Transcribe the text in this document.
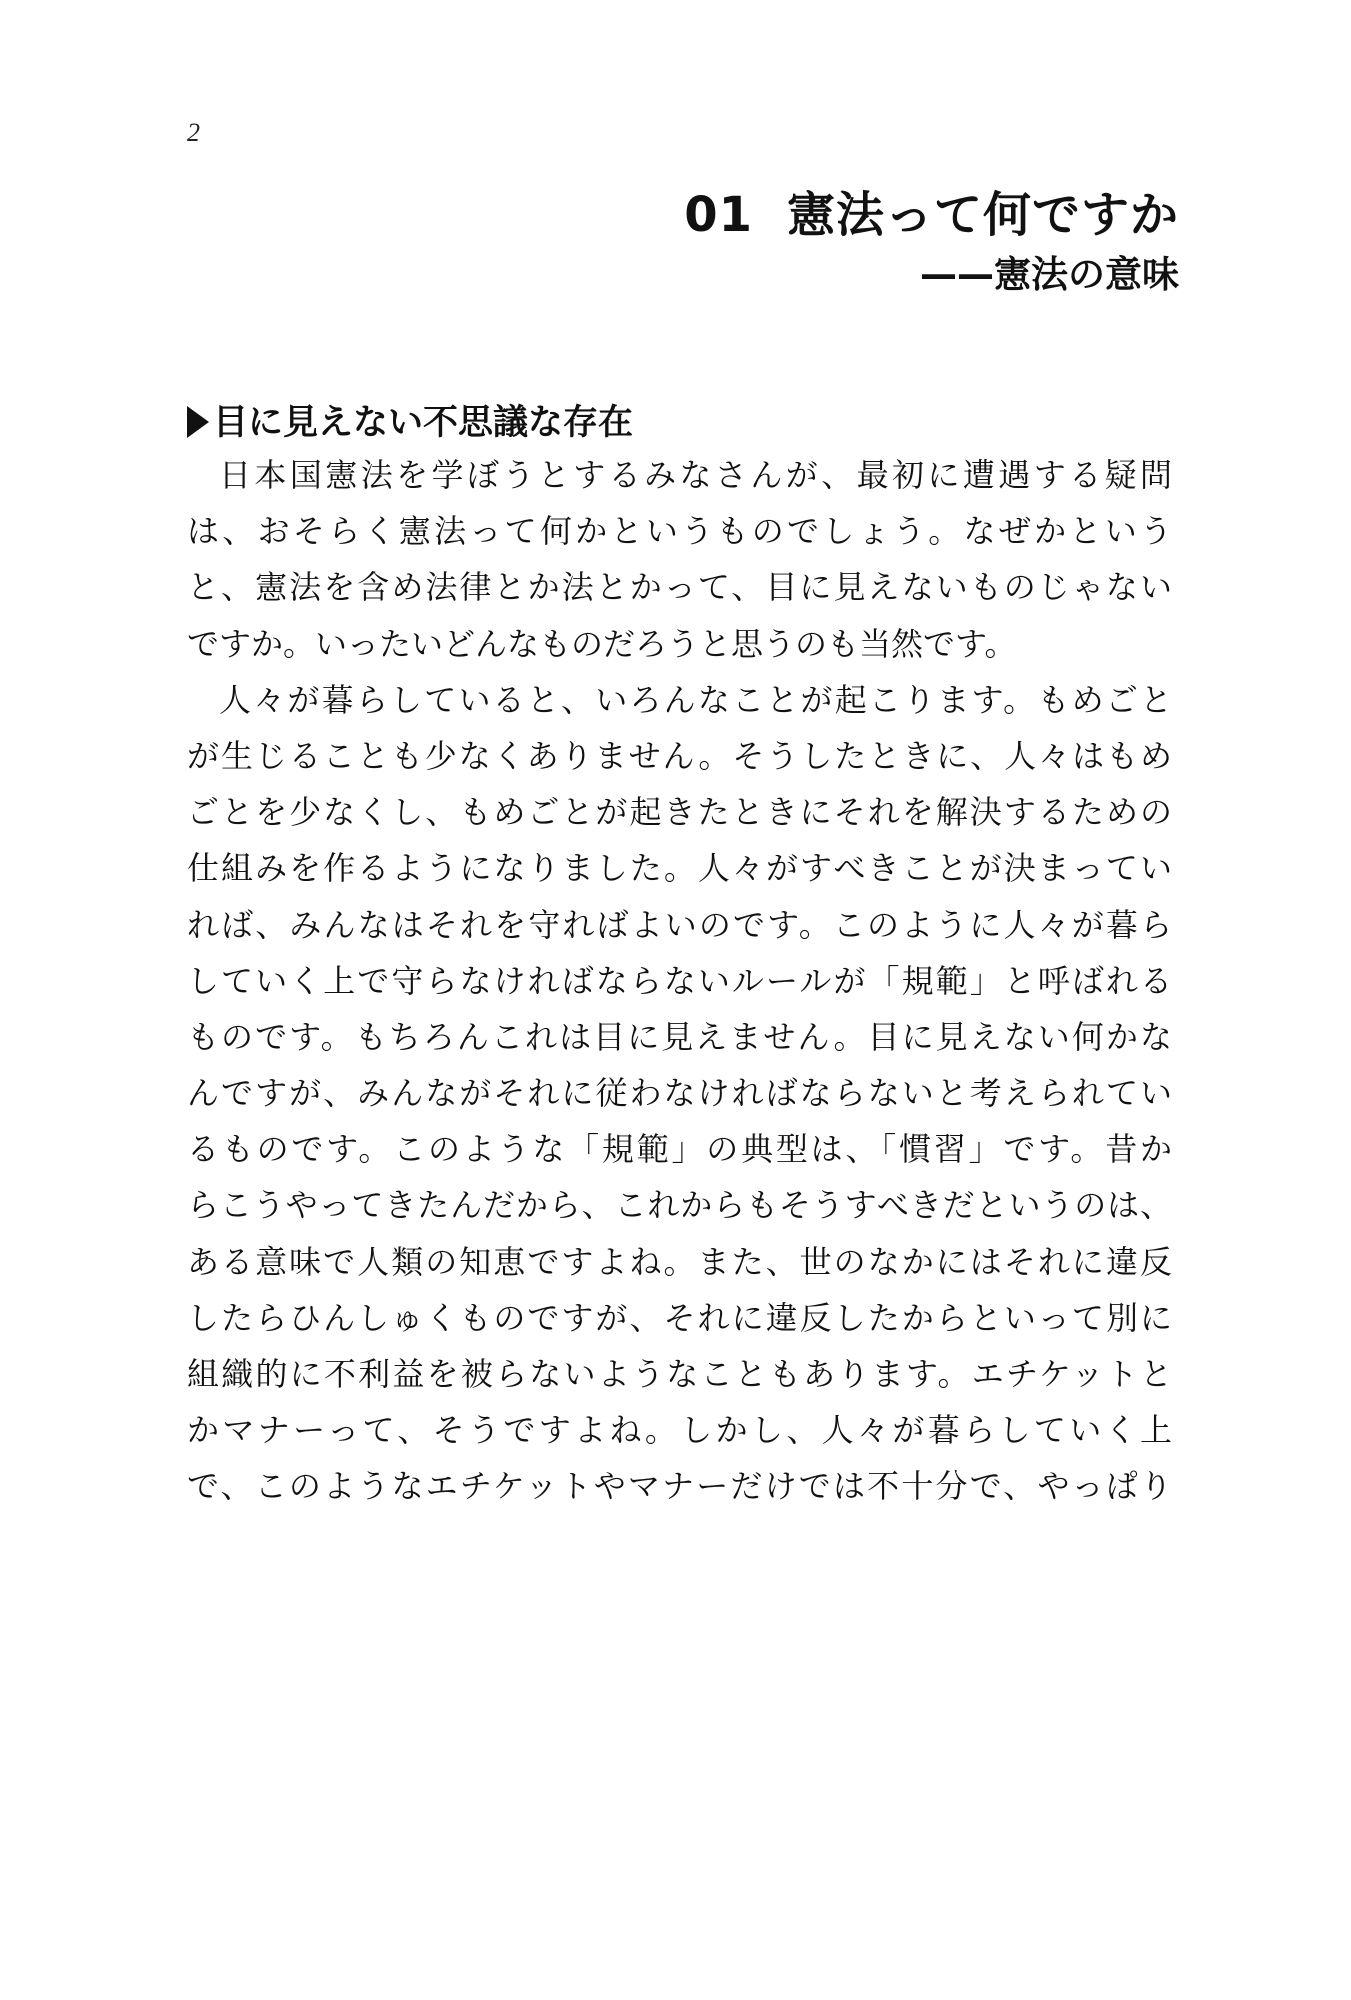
2
01 憲法って何ですか
——憲法の意味
目に見えない不思議な存在
日本国憲法を学ぼうとするみなさんが、最初に遭遇する疑問
は、おそらく憲法って何かというものでしょう。なぜかという
と、憲法を含め法律とか法とかって、目に見えないものじゃない
ですか。いったいどんなものだろうと思うのも当然です。
人々が暮らしていると、いろんなことが起こります。もめごと
が生じることも少なくありません。そうしたときに、人々はもめ
ごとを少なくし、もめごとが起きたときにそれを解決するための
仕組みを作るようになりました。人々がすべきことが決まってい
れば、みんなはそれを守ればよいのです。このように人々が暮ら
していく上で守らなければならないルールが「規範」と呼ばれる
ものです。もちろんこれは目に見えません。目に見えない何かな
んですが、みんながそれに従わなければならないと考えられてい
るものです。このような「規範」の典型は、「慣習」です。昔か
らこうやってきたんだから、これからもそうすべきだというのは、
ある意味で人類の知恵ですよね。また、世のなかにはそれに違反
したらひんしゅくものですが、それに違反したからといって別に
組織的に不利益を被らないようなこともあります。エチケットと
かマナーって、そうですよね。しかし、人々が暮らしていく上
で、このようなエチケットやマナーだけでは不十分で、やっぱり
